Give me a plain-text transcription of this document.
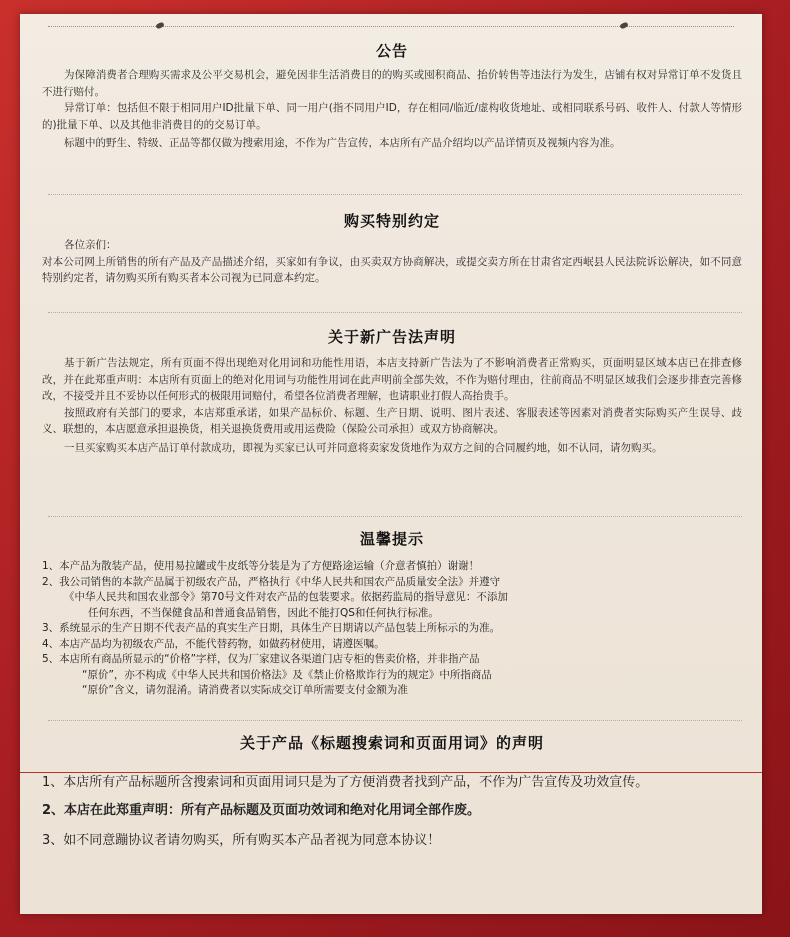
公告

为保障消费者合理购买需求及公平交易机会，避免因非生活消费目的的购买或囤积商品、抬价转售等违法行为发生，店铺有权对异常订单不发货且不进行赔付。

异常订单：包括但不限于相同用户ID批量下单、同一用户(指不同用户ID，存在相同/临近/虚构收货地址、或相同联系号码、收件人、付款人等情形的)批量下单、以及其他非消费目的的交易订单。

标题中的野生、特级、正品等都仅做为搜索用途，不作为广告宣传，本店所有产品介绍均以产品详情页及视频内容为准。

购买特别约定

各位亲们：

对本公司网上所销售的所有产品及产品描述介绍，买家如有争议，由买卖双方协商解决，或提交卖方所在甘肃省定西岷县人民法院诉讼解决，如不同意特别约定者，请勿购买所有购买者本公司视为已同意本约定。

关于新广告法声明

基于新广告法规定，所有页面不得出现绝对化用词和功能性用语，本店支持新广告法为了不影响消费者正常购买，页面明显区域本店已在排查修改，并在此郑重声明：本店所有页面上的绝对化用词与功能性用词在此声明前全部失效，不作为赔付理由，往前商品不明显区域我们会逐步排查完善修改，不接受并且不妥协以任何形式的极限用词赔付，希望各位消费者理解，也请职业打假人高抬贵手。

按照政府有关部门的要求，本店郑重承诺，如果产品标价、标题、生产日期、说明、图片表述、客服表述等因素对消费者实际购买产生误导、歧义、联想的，本店愿意承担退换货，相关退换货费用或用运费险（保险公司承担）或双方协商解决。

一旦买家购买本店产品订单付款成功，即视为买家已认可并同意将卖家发货地作为双方之间的合同履约地，如不认同，请勿购买。

温馨提示

1、本产品为散装产品，使用易拉罐或牛皮纸等分装是为了方便路途运输（介意者慎拍）谢谢！

2、我公司销售的本款产品属于初级农产品，严格执行《中华人民共和国农产品质量安全法》并遵守

《中华人民共和国农业部令》第70号文件对农产品的包装要求。依据药监局的指导意见：不添加

任何东西，不当保健食品和普通食品销售，因此不能打QS和任何执行标准。

3、系统显示的生产日期不代表产品的真实生产日期，具体生产日期请以产品包装上所标示的为准。

4、本店产品均为初级农产品，不能代替药物，如做药材使用，请遵医嘱。

5、本店所有商品所显示的“价格”字样，仅为厂家建议各渠道门店专柜的售卖价格，并非指产品

“原价”，亦不构成《中华人民共和国价格法》及《禁止价格欺诈行为的规定》中所指商品

“原价”含义，请勿混淆。请消费者以实际成交订单所需要支付金额为准

关于产品《标题搜索词和页面用词》的声明

1、本店所有产品标题所含搜索词和页面用词只是为了方便消费者找到产品，不作为广告宣传及功效宣传。

2、本店在此郑重声明：所有产品标题及页面功效词和绝对化用词全部作废。

3、如不同意蹦协议者请勿购买，所有购买本产品者视为同意本协议！
